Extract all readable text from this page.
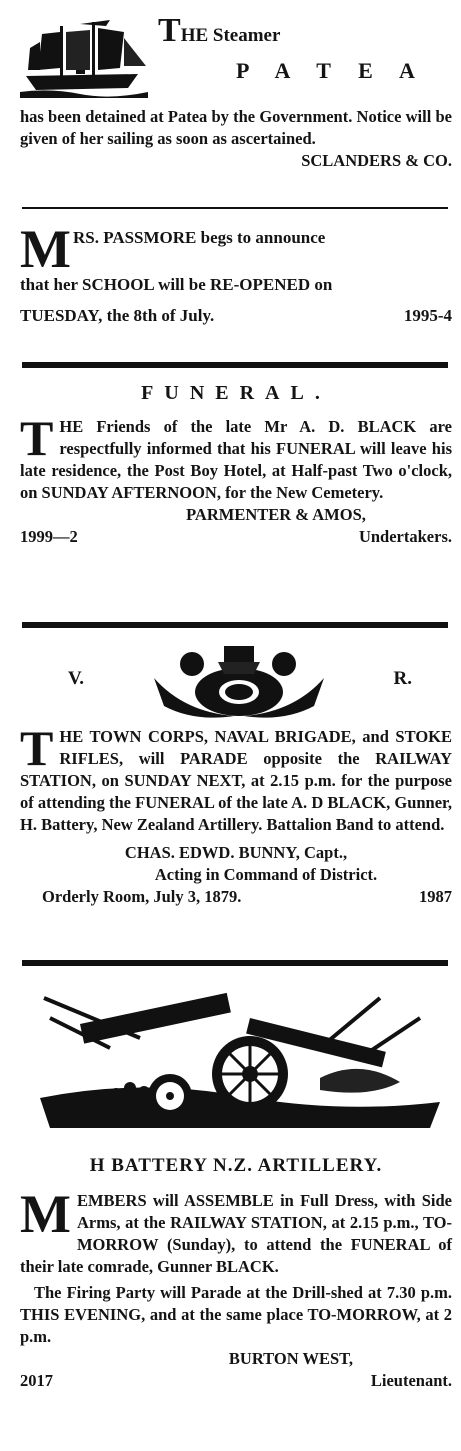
THE Steamer
P A T E A

has been detained at Patea by the Government. Notice will be given of her sailing as soon as ascertained.

SCLANDERS & CO.
M RS. PASSMORE begs to announce
that her SCHOOL will be RE-OPENED on
TUESDAY, the 8th of July.	1995-4
FUNERAL.

THE Friends of the late Mr A. D. BLACK are respectfully informed that his FUNERAL will leave his late residence, the Post Boy Hotel, at Half-past Two o'clock, on SUNDAY AFTERNOON, for the New Cemetery.

PARMENTER & AMOS,
1999—2	Undertakers.
V.	R.

THE TOWN CORPS, NAVAL BRIGADE, and STOKE RIFLES, will PARADE opposite the RAILWAY STATION, on SUNDAY NEXT, at 2.15 p.m. for the purpose of attending the FUNERAL of the late A. D BLACK, Gunner, H. Battery, New Zealand Artillery. Battalion Band to attend.

CHAS. EDWD. BUNNY, Capt.,
Acting in Command of District.
Orderly Room, July 3, 1879.	1987
H BATTERY N.Z. ARTILLERY.

MEMBERS will ASSEMBLE in Full Dress, with Side Arms, at the RAILWAY STATION, at 2.15 p.m., TO-MORROW (Sunday), to attend the FUNERAL of their late comrade, Gunner BLACK.

The Firing Party will Parade at the Drill-shed at 7.30 p.m. THIS EVENING, and at the same place TO-MORROW, at 2 p.m.

BURTON WEST,
2017	Lieutenant.
